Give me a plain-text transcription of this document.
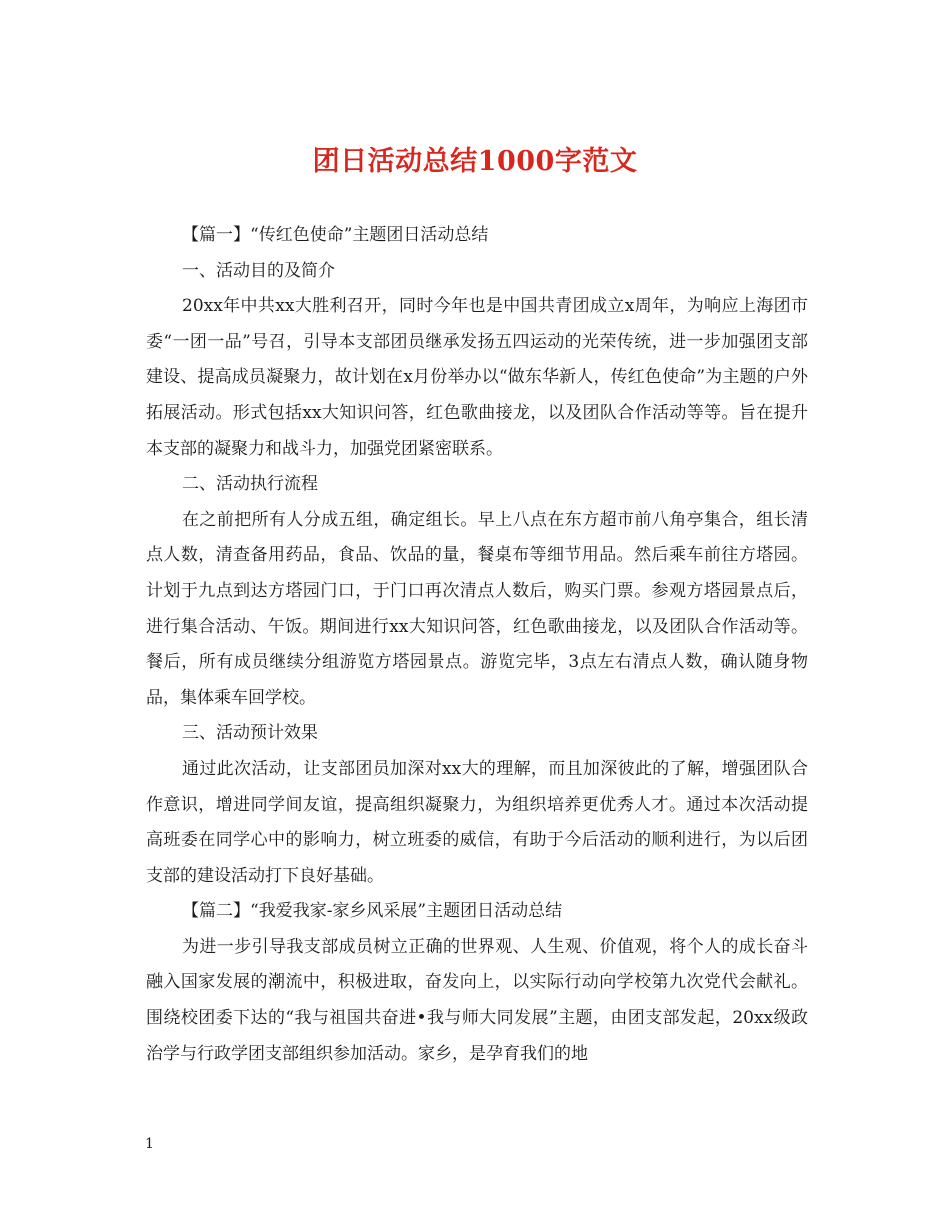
团日活动总结1000字范文

【篇一】“传红色使命”主题团日活动总结

一、活动目的及简介

20xx年中共xx大胜利召开，同时今年也是中国共青团成立x周年，为响应上海团市委“一团一品”号召，引导本支部团员继承发扬五四运动的光荣传统，进一步加强团支部建设、提高成员凝聚力，故计划在x月份举办以“做东华新人，传红色使命”为主题的户外拓展活动。形式包括xx大知识问答，红色歌曲接龙，以及团队合作活动等等。旨在提升本支部的凝聚力和战斗力，加强党团紧密联系。

二、活动执行流程

在之前把所有人分成五组，确定组长。早上八点在东方超市前八角亭集合，组长清点人数，清查备用药品，食品、饮品的量，餐桌布等细节用品。然后乘车前往方塔园。计划于九点到达方塔园门口，于门口再次清点人数后，购买门票。参观方塔园景点后，进行集合活动、午饭。期间进行xx大知识问答，红色歌曲接龙，以及团队合作活动等。餐后，所有成员继续分组游览方塔园景点。游览完毕，3点左右清点人数，确认随身物品，集体乘车回学校。

三、活动预计效果

通过此次活动，让支部团员加深对xx大的理解，而且加深彼此的了解，增强团队合作意识，增进同学间友谊，提高组织凝聚力，为组织培养更优秀人才。通过本次活动提高班委在同学心中的影响力，树立班委的威信，有助于今后活动的顺利进行，为以后团支部的建设活动打下良好基础。

【篇二】“我爱我家-家乡风采展”主题团日活动总结

为进一步引导我支部成员树立正确的世界观、人生观、价值观，将个人的成长奋斗融入国家发展的潮流中，积极进取，奋发向上，以实际行动向学校第九次党代会献礼。围绕校团委下达的“我与祖国共奋进•我与师大同发展”主题，由团支部发起，20xx级政治学与行政学团支部组织参加活动。家乡，是孕育我们的地

1
